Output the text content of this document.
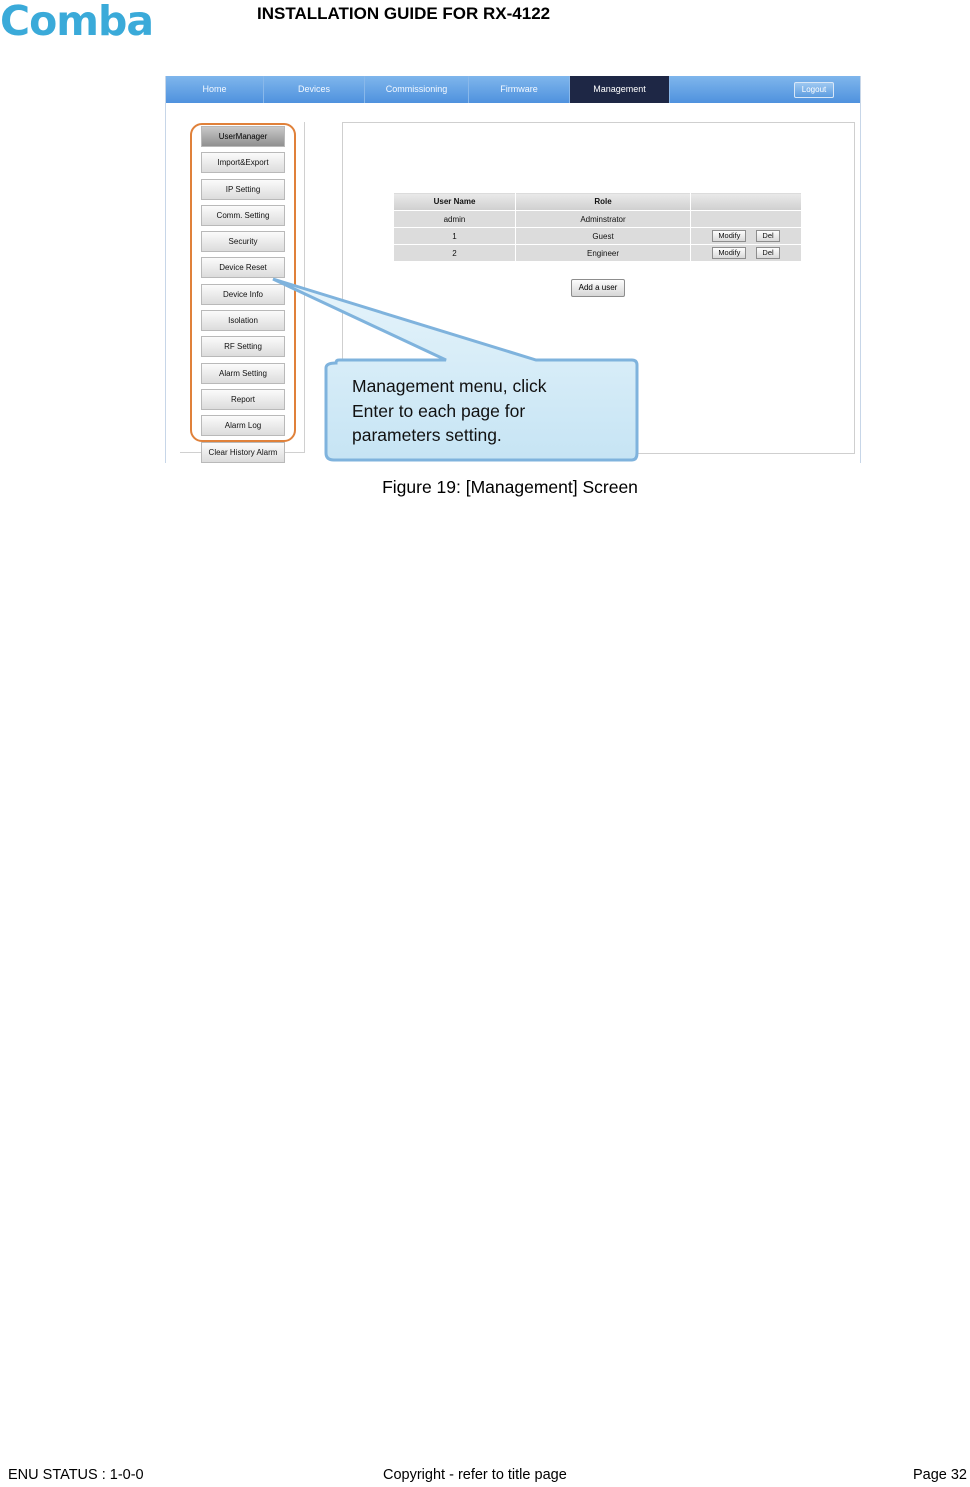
Comba	INSTALLATION GUIDE FOR RX-4122
Home	Devices	Commissioning	Firmware	Management	Logout
UserManager
Import&Export
IP Setting
Comm. Setting
Security
Device Reset
Device Info
Isolation
RF Setting
Alarm Setting
Report
Alarm Log
Clear History Alarm
User Name	Role	
admin	Adminstrator	
1	Guest	Modify Del
2	Engineer	Modify Del
Add a user
Management menu, click
Enter to each page for
parameters setting.
Figure 19: [Management] Screen
ENU STATUS : 1-0-0	Copyright - refer to title page	Page 32
